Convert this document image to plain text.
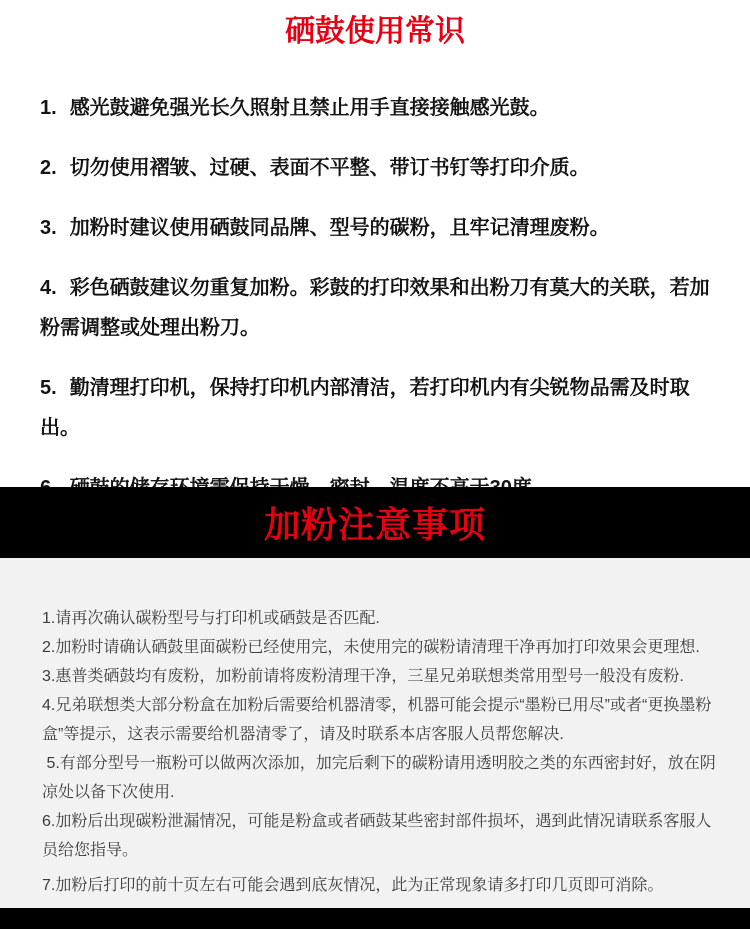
硒鼓使用常识

1. 感光鼓避免强光长久照射且禁止用手直接接触感光鼓。

2. 切勿使用褶皱、过硬、表面不平整、带订书钉等打印介质。

3. 加粉时建议使用硒鼓同品牌、型号的碳粉，且牢记清理废粉。

4. 彩色硒鼓建议勿重复加粉。彩鼓的打印效果和出粉刀有莫大的关联，若加粉需调整或处理出粉刀。

5. 勤清理打印机，保持打印机内部清洁，若打印机内有尖锐物品需及时取出。

加粉注意事项

1.请再次确认碳粉型号与打印机或硒鼓是否匹配.

2.加粉时请确认硒鼓里面碳粉已经使用完，未使用完的碳粉请清理干净再加打印效果会更理想.

3.惠普类硒鼓均有废粉，加粉前请将废粉清理干净，三星兄弟联想类常用型号一般没有废粉.

4.兄弟联想类大部分粉盒在加粉后需要给机器清零，机器可能会提示“墨粉已用尽”或者“更换墨粉盒”等提示，这表示需要给机器清零了，请及时联系本店客服人员帮您解决.

5.有部分型号一瓶粉可以做两次添加，加完后剩下的碳粉请用透明胶之类的东西密封好，放在阴凉处以备下次使用.

6.加粉后出现碳粉泄漏情况，可能是粉盒或者硒鼓某些密封部件损坏，遇到此情况请联系客服人员给您指导。

7.加粉后打印的前十页左右可能会遇到底灰情况，此为正常现象请多打印几页即可消除。
